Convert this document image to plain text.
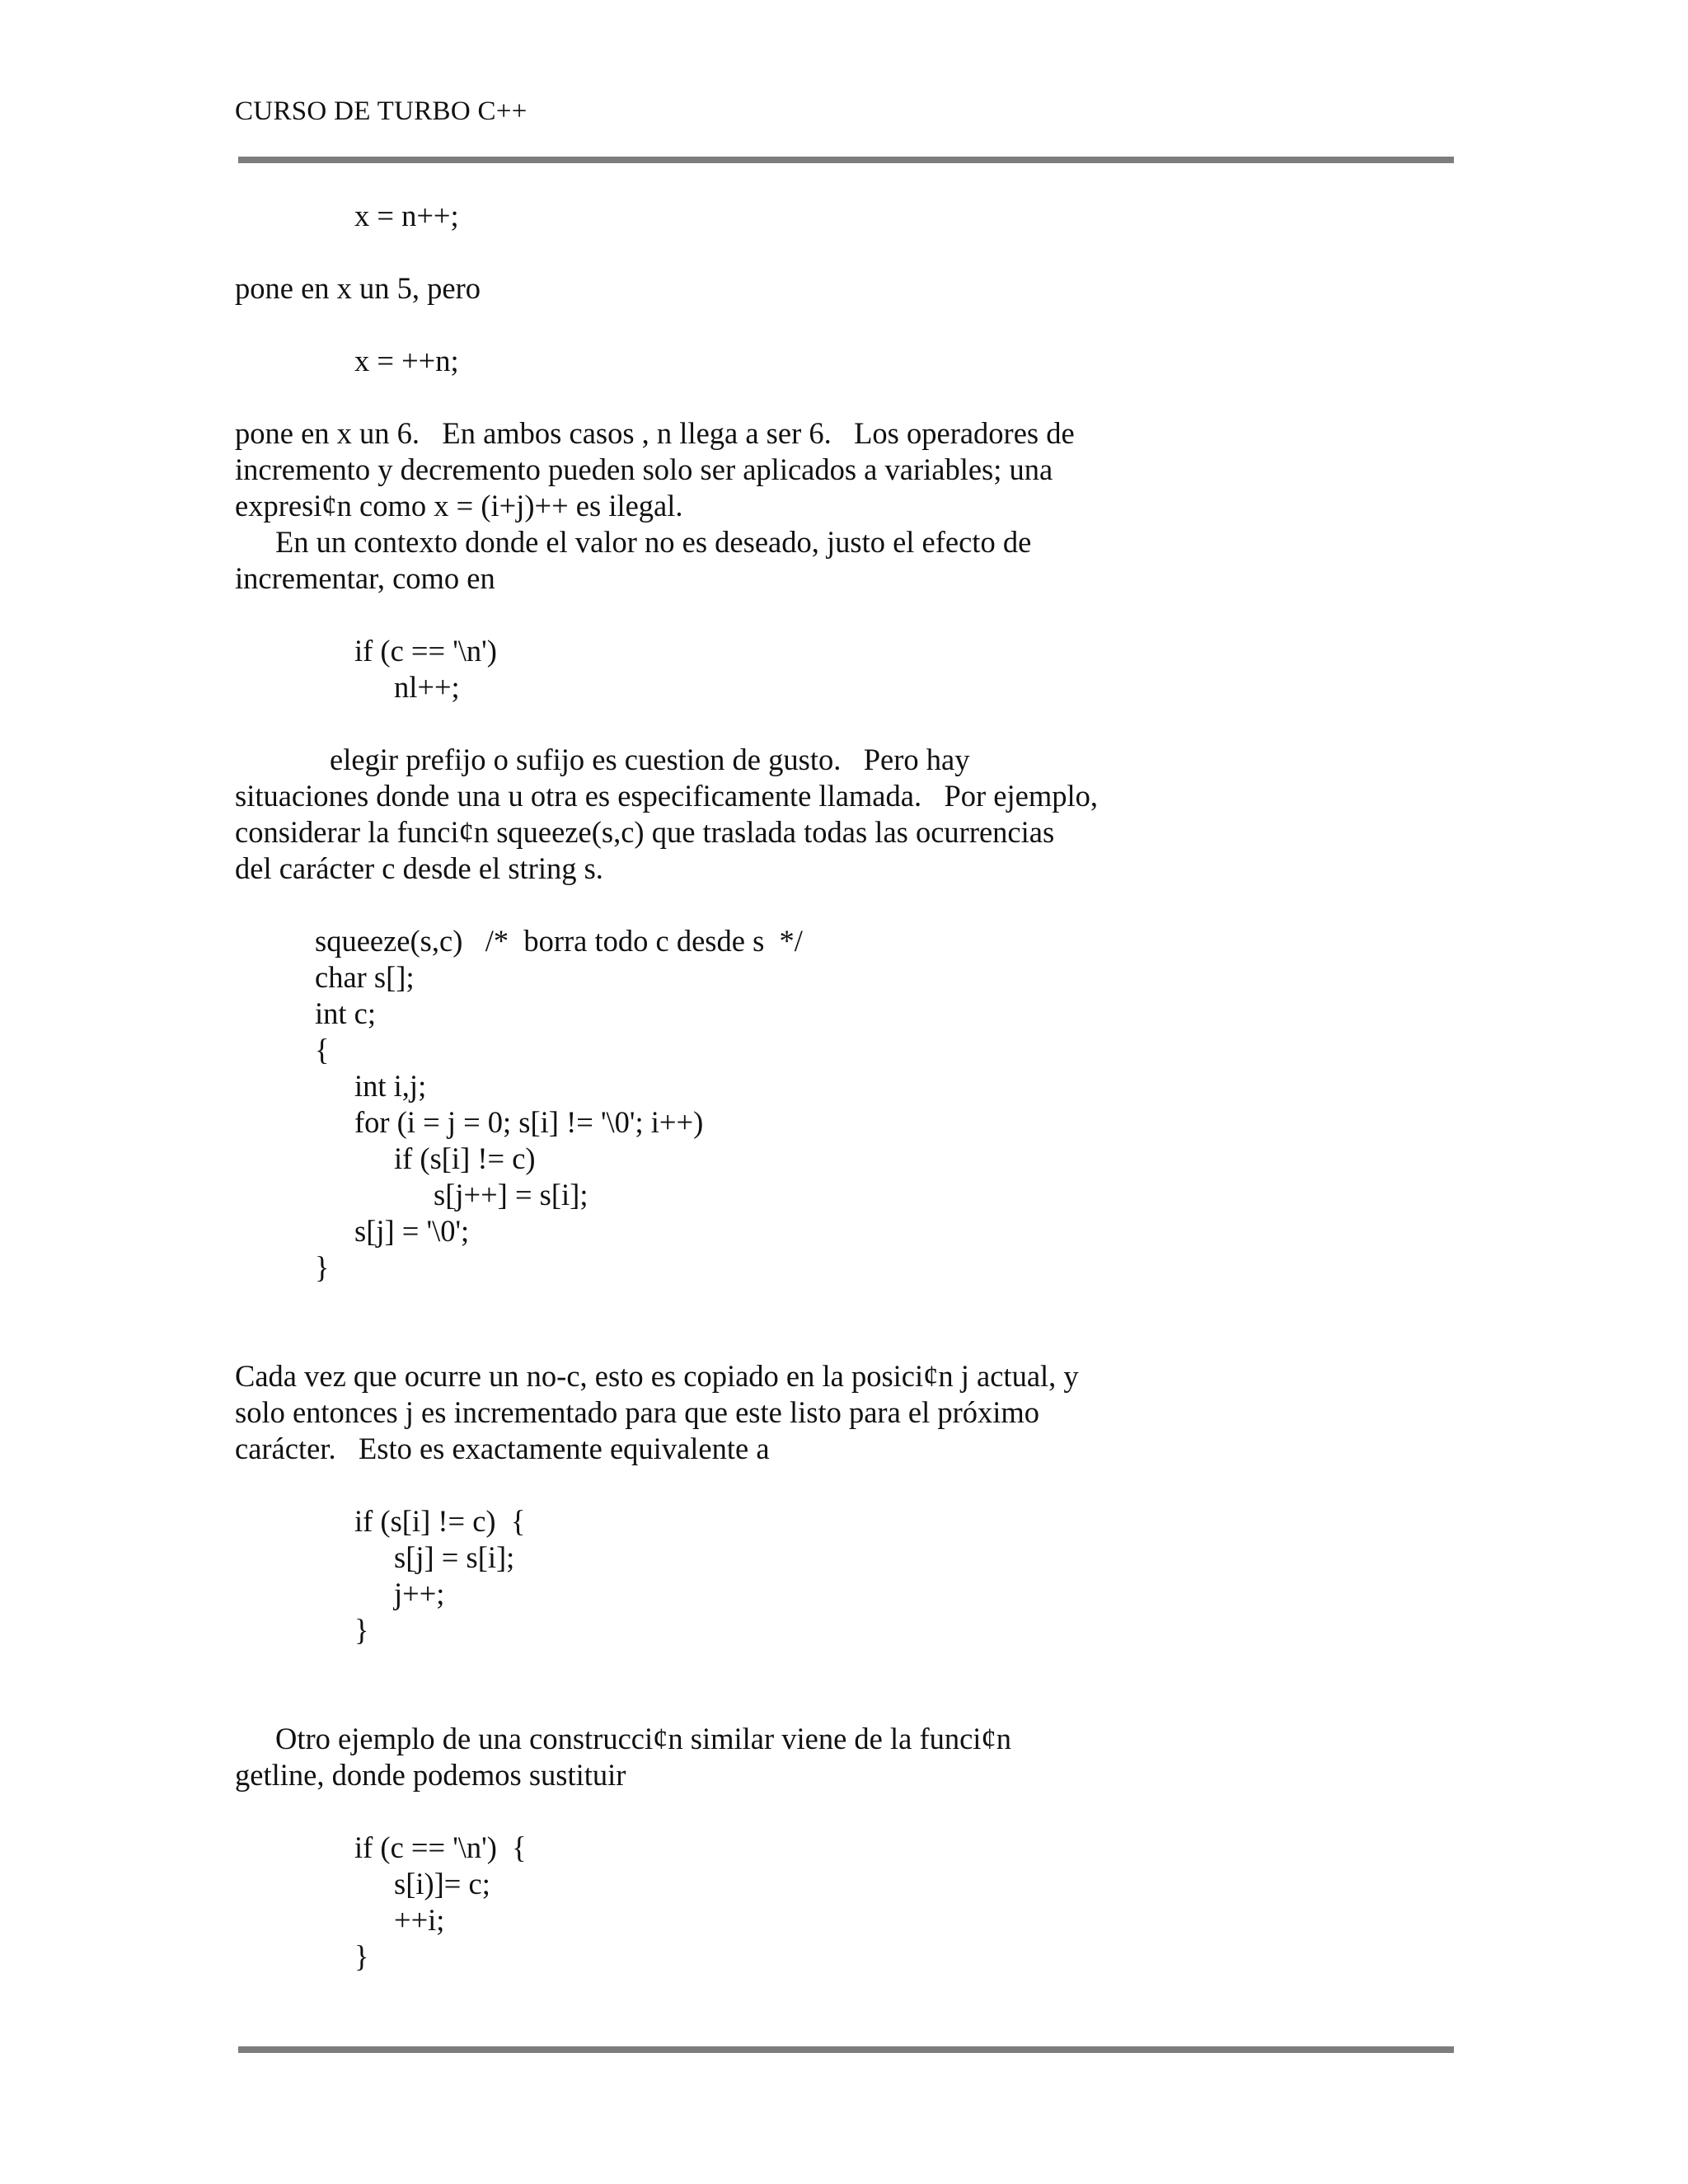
CURSO DE TURBO C++
x = n++;
pone en x un 5, pero
x = ++n;
pone en x un 6.   En ambos casos , n llega a ser 6.   Los operadores de
incremento y decremento pueden solo ser aplicados a variables; una
expresi¢n como x = (i+j)++ es ilegal.
En un contexto donde el valor no es deseado, justo el efecto de
incrementar, como en
if (c == '\n')
nl++;
elegir prefijo o sufijo es cuestion de gusto.   Pero hay
situaciones donde una u otra es especificamente llamada.   Por ejemplo,
considerar la funci¢n squeeze(s,c) que traslada todas las ocurrencias
del carácter c desde el string s.
squeeze(s,c)   /*  borra todo c desde s  */
char s[];
int c;
{
int i,j;
for (i = j = 0; s[i] != '\0'; i++)
if (s[i] != c)
s[j++] = s[i];
s[j] = '\0';
}
Cada vez que ocurre un no-c, esto es copiado en la posici¢n j actual, y
solo entonces j es incrementado para que este listo para el próximo
carácter.   Esto es exactamente equivalente a
if (s[i] != c)  {
s[j] = s[i];
j++;
}
Otro ejemplo de una construcci¢n similar viene de la funci¢n
getline, donde podemos sustituir
if (c == '\n')  {
s[i)]= c;
++i;
}
